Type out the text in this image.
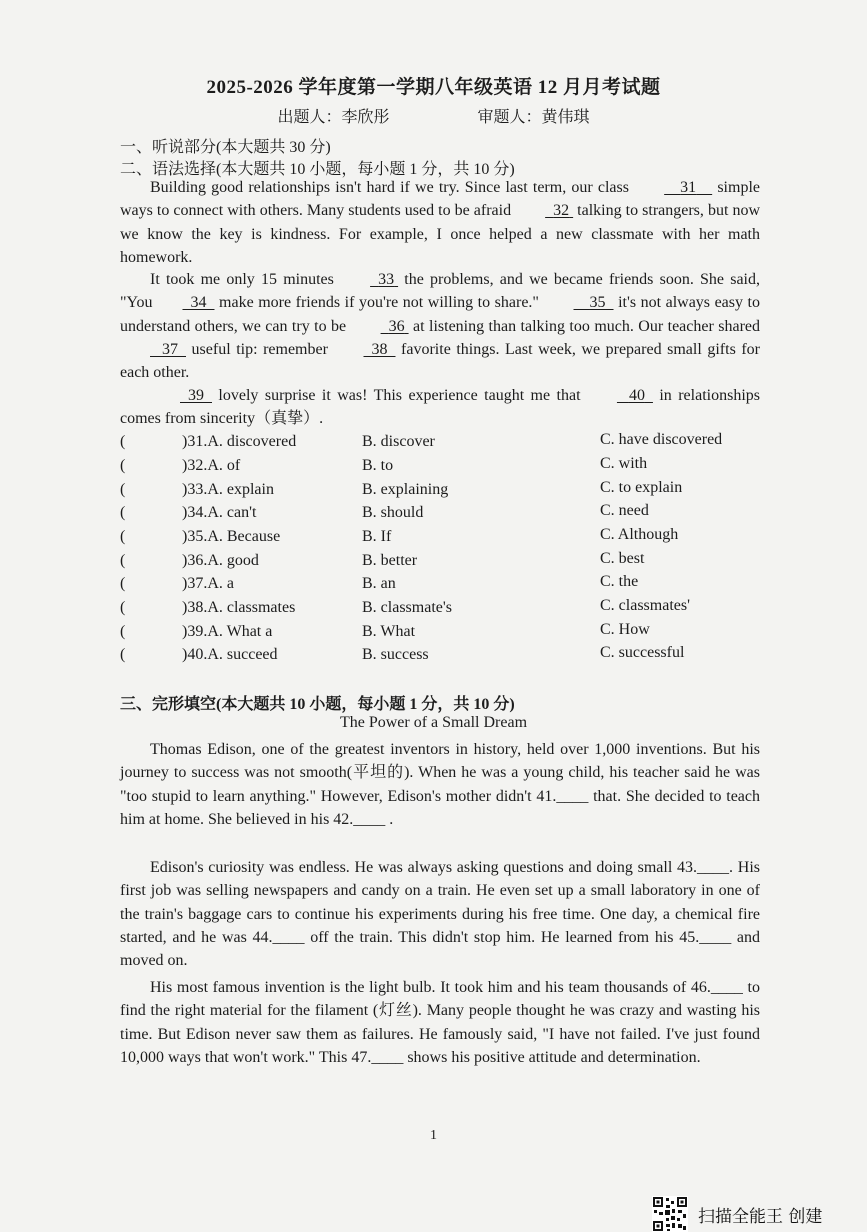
2025-2026 学年度第一学期八年级英语 12 月月考试题
出题人：李欣彤	审题人：黄伟琪
一、听说部分(本大题共 30 分)
二、语法选择(本大题共 10 小题，每小题 1 分，共 10 分)
Building good relationships isn't hard if we try. Since last term, our class	31     simple ways to connect with others. Many students used to be afraid   32  talking to strangers, but now we know the key is kindness. For example, I once helped a new classmate with her math homework.
It took me only 15 minutes   33  the problems, and we became friends soon. She said, "You 34   make more friends if you're not willing to share."	35   it's not always easy to understand others, we can try to be   36  at listening than talking too much. Our teacher shared    37   useful tip: remember   38   favorite things. Last week, we prepared small gifts for each other.
39   lovely surprise it was! This experience taught me that	40   in relationships comes from sincerity（真挚）.
(	)31.A. discovered	B. discover	C. have discovered
(	)32.A. of	B. to	C. with
(	)33.A. explain	B. explaining	C. to explain
(	)34.A. can't	B. should	C. need
(	)35.A. Because	B. If	C. Although
(	)36.A. good	B. better	C. best
(	)37.A. a	B. an	C. the
(	)38.A. classmates	B. classmate's	C. classmates'
(	)39.A. What a	B. What	C. How
(	)40.A. succeed	B. success	C. successful
三、完形填空(本大题共 10 小题，每小题 1 分，共 10 分)
The Power of a Small Dream
Thomas Edison, one of the greatest inventors in history, held over 1,000 inventions. But his journey to success was not smooth(平坦的). When he was a young child, his teacher said he was "too stupid to learn anything." However, Edison's mother didn't 41.____ that. She decided to teach him at home. She believed in his 42.____ .
Edison's curiosity was endless. He was always asking questions and doing small 43.____. His first job was selling newspapers and candy on a train. He even set up a small laboratory in one of the train's baggage cars to continue his experiments during his free time. One day, a chemical fire started, and he was 44.____ off the train. This didn't stop him. He learned from his 45.____ and moved on.
His most famous invention is the light bulb. It took him and his team thousands of 46.____ to find the right material for the filament (灯丝). Many people thought he was crazy and wasting his time. But Edison never saw them as failures. He famously said, "I have not failed. I've just found 10,000 ways that won't work." This 47.____ shows his positive attitude and determination.
1
扫描全能王 创建
